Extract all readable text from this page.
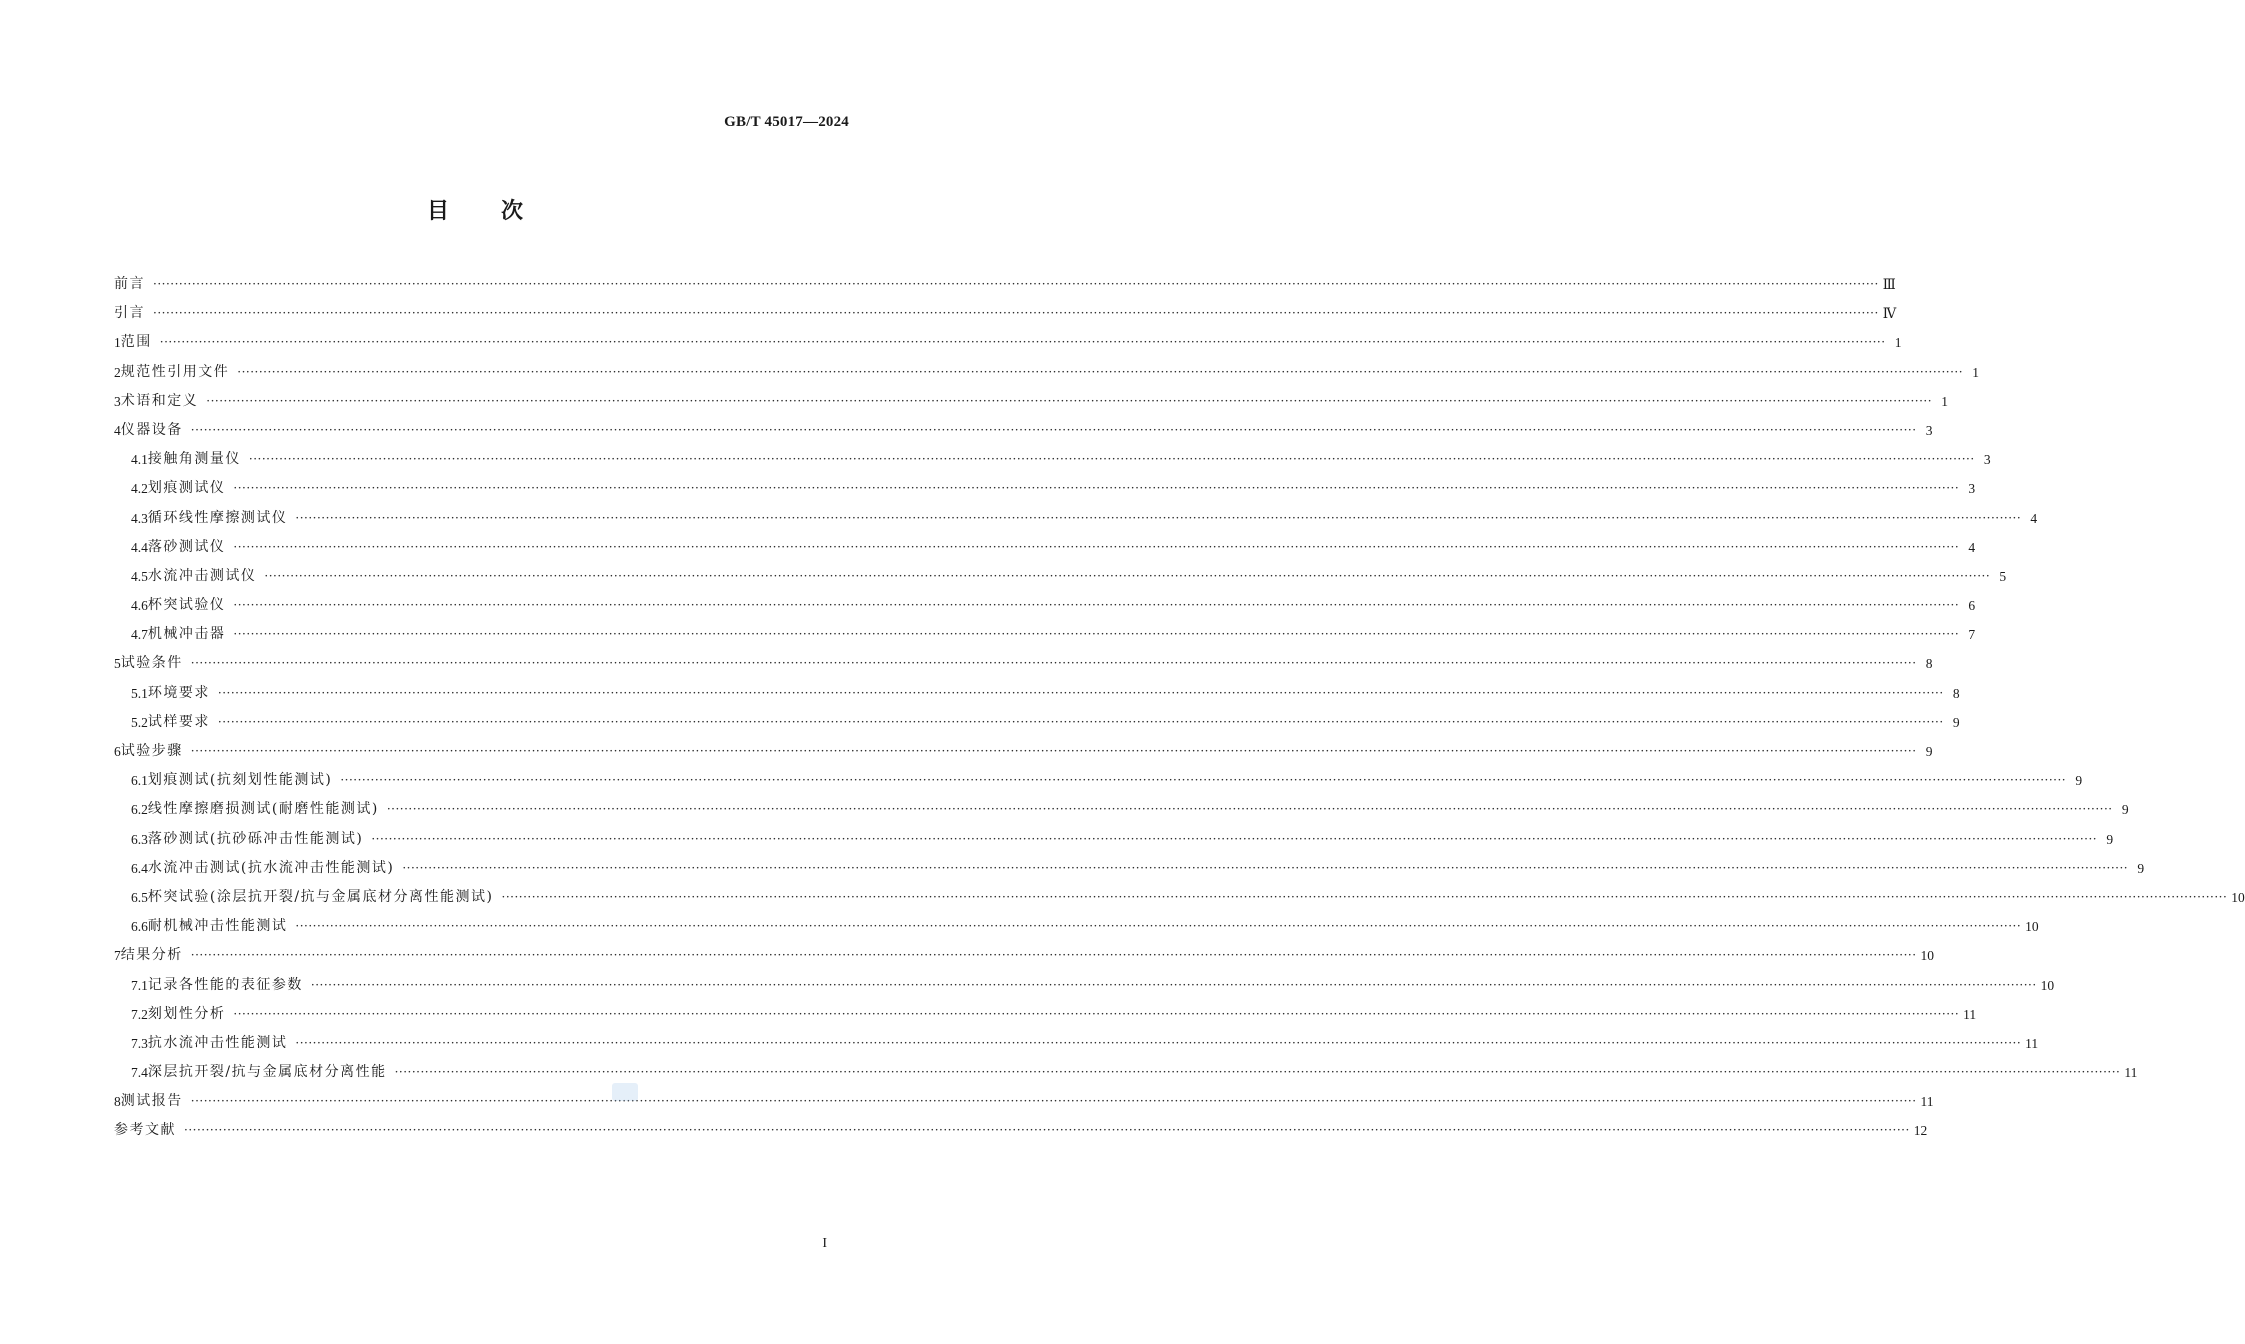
GB/T 45017—2024
目 次
前言 ················································································································································································································································································································································································································ Ⅲ
引言 ················································································································································································································································································································································································································ Ⅳ
1 范围 ················································································································································································································································································································································································································ 1
2 规范性引用文件 ················································································································································································································································································································································································································ 1
3 术语和定义 ················································································································································································································································································································································································································ 1
4 仪器设备 ················································································································································································································································································································································································································ 3
4.1 接触角测量仪 ················································································································································································································································································································································································································ 3
4.2 划痕测试仪 ················································································································································································································································································································································································································ 3
4.3 循环线性摩擦测试仪 ················································································································································································································································································································································································································ 4
4.4 落砂测试仪 ················································································································································································································································································································································································································ 4
4.5 水流冲击测试仪 ················································································································································································································································································································································································································ 5
4.6 杯突试验仪 ················································································································································································································································································································································································································ 6
4.7 机械冲击器 ················································································································································································································································································································································································································ 7
5 试验条件 ················································································································································································································································································································································································································ 8
5.1 环境要求 ················································································································································································································································································································································································································ 8
5.2 试样要求 ················································································································································································································································································································································································································ 9
6 试验步骤 ················································································································································································································································································································································································································ 9
6.1 划痕测试(抗刻划性能测试) ················································································································································································································································································································································································································ 9
6.2 线性摩擦磨损测试(耐磨性能测试) ················································································································································································································································································································································································································ 9
6.3 落砂测试(抗砂砾冲击性能测试) ················································································································································································································································································································································································································ 9
6.4 水流冲击测试(抗水流冲击性能测试) ················································································································································································································································································································································································································ 9
6.5 杯突试验(涂层抗开裂/抗与金属底材分离性能测试) ················································································································································································································································································································································································································ 10
6.6 耐机械冲击性能测试 ················································································································································································································································································································································································································ 10
7 结果分析 ················································································································································································································································································································································································································ 10
7.1 记录各性能的表征参数 ················································································································································································································································································································································································································ 10
7.2 刻划性分析 ················································································································································································································································································································································································································ 11
7.3 抗水流冲击性能测试 ················································································································································································································································································································································································································ 11
7.4 深层抗开裂/抗与金属底材分离性能 ················································································································································································································································································································································································································ 11
8 测试报告 ················································································································································································································································································································································································································ 11
参考文献 ················································································································································································································································································································································································································ 12
I
